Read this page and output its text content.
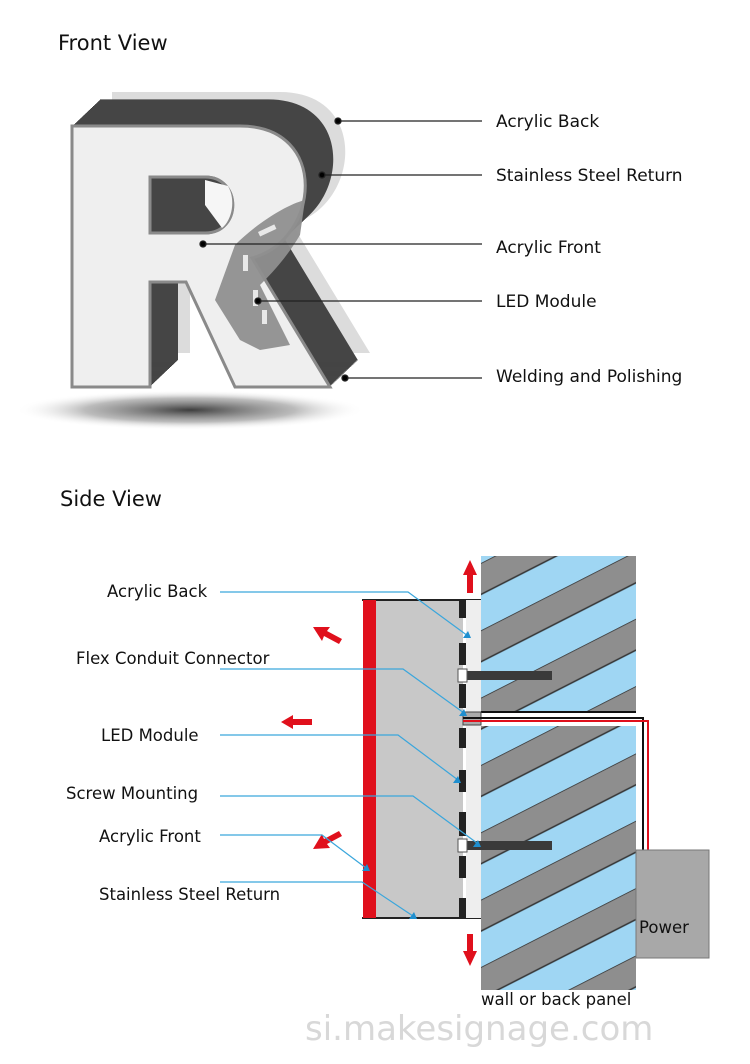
Front View
Acrylic Back
Stainless Steel Return
Acrylic Front
LED Module
Welding and Polishing
Side View
Power
wall or back panel
Acrylic Back
Flex Conduit Connector
LED Module
Screw Mounting
Acrylic Front
Stainless Steel Return
si.makesignage.com
